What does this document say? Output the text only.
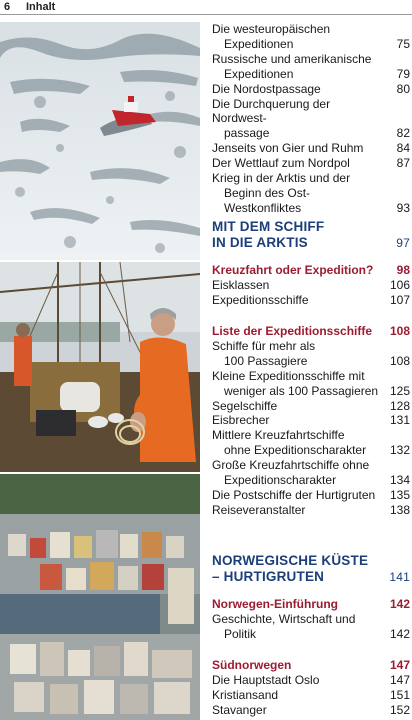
6 Inhalt
Die westeuropäischen
Expeditionen	75
Russische und amerikanische
Expeditionen	79
Die Nordostpassage	80
Die Durchquerung der Nordwest-
passage	82
Jenseits von Gier und Ruhm	84
Der Wettlauf zum Nordpol	87
Krieg in der Arktis und der
Beginn des Ost-Westkonfliktes	93
MIT DEM SCHIFF
IN DIE ARKTIS	97
Kreuzfahrt oder Expedition? 98
Eisklassen	106
Expeditionsschiffe	107
Liste der Expeditionsschiffe 108
Schiffe für mehr als
100 Passagiere	108
Kleine Expeditionsschiffe mit
weniger als 100 Passagieren 125
Segelschiffe	128
Eisbrecher	131
Mittlere Kreuzfahrtschiffe
ohne Expeditionscharakter 132
Große Kreuzfahrtschiffe ohne
Expeditionscharakter	134
Die Postschiffe der Hurtigruten 135
Reiseveranstalter	138
NORWEGISCHE KÜSTE
– HURTIGRUTEN	141
Norwegen-Einführung	142
Geschichte, Wirtschaft und
Politik	142
Südnorwegen	147
Die Hauptstadt Oslo	147
Kristiansand	151
Stavanger	152
